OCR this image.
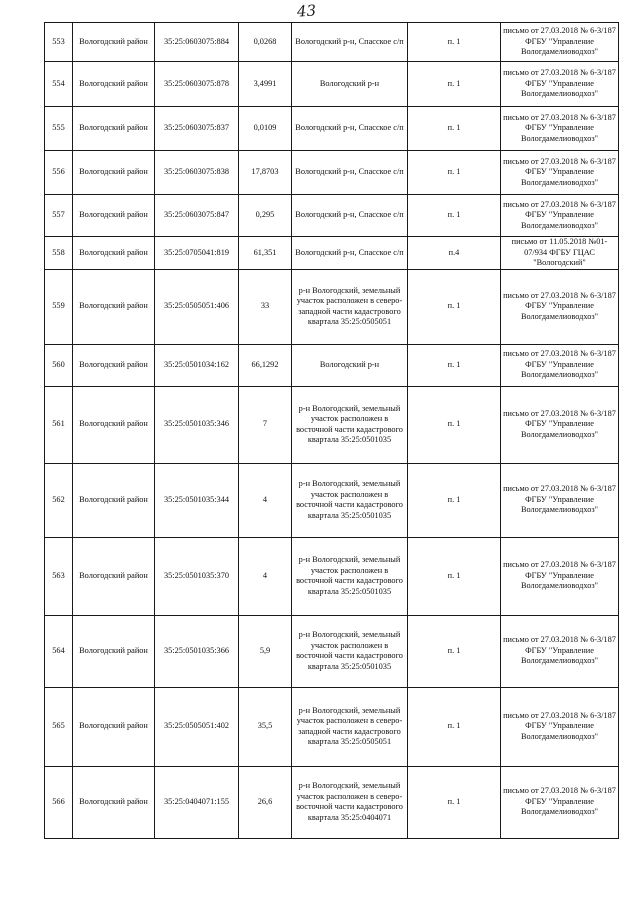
43
553	Вологодский район	35:25:0603075:884	0,0268	Вологодский р-н, Спасское с/п	п. 1	письмо от 27.03.2018 № 6-3/187 ФГБУ "Управление Вологдамелиоводхоз"
554	Вологодский район	35:25:0603075:878	3,4991	Вологодский р-н	п. 1	письмо от 27.03.2018 № 6-3/187 ФГБУ "Управление Вологдамелиоводхоз"
555	Вологодский район	35:25:0603075:837	0,0109	Вологодский р-н, Спасское с/п	п. 1	письмо от 27.03.2018 № 6-3/187 ФГБУ "Управление Вологдамелиоводхоз"
556	Вологодский район	35:25:0603075:838	17,8703	Вологодский р-н, Спасское с/п	п. 1	письмо от 27.03.2018 № 6-3/187 ФГБУ "Управление Вологдамелиоводхоз"
557	Вологодский район	35:25:0603075:847	0,295	Вологодский р-н, Спасское с/п	п. 1	письмо от 27.03.2018 № 6-3/187 ФГБУ "Управление Вологдамелиоводхоз"
558	Вологодский район	35:25:0705041:819	61,351	Вологодский р-н, Спасское с/п	п.4	письмо от 11.05.2018 №01-07/934 ФГБУ ГЦАС "Вологодский"
559	Вологодский район	35:25:0505051:406	33	р-н Вологодский, земельный участок расположен в северо-западной части кадастрового квартала 35:25:0505051	п. 1	письмо от 27.03.2018 № 6-3/187 ФГБУ "Управление Вологдамелиоводхоз"
560	Вологодский район	35:25:0501034:162	66,1292	Вологодский р-н	п. 1	письмо от 27.03.2018 № 6-3/187 ФГБУ "Управление Вологдамелиоводхоз"
561	Вологодский район	35:25:0501035:346	7	р-н Вологодский, земельный участок расположен в восточной части кадастрового квартала 35:25:0501035	п. 1	письмо от 27.03.2018 № 6-3/187 ФГБУ "Управление Вологдамелиоводхоз"
562	Вологодский район	35:25:0501035:344	4	р-н Вологодский, земельный участок расположен в восточной части кадастрового квартала 35:25:0501035	п. 1	письмо от 27.03.2018 № 6-3/187 ФГБУ "Управление Вологдамелиоводхоз"
563	Вологодский район	35:25:0501035:370	4	р-н Вологодский, земельный участок расположен в восточной части кадастрового квартала 35:25:0501035	п. 1	письмо от 27.03.2018 № 6-3/187 ФГБУ "Управление Вологдамелиоводхоз"
564	Вологодский район	35:25:0501035:366	5,9	р-н Вологодский, земельный участок расположен в восточной части кадастрового квартала 35:25:0501035	п. 1	письмо от 27.03.2018 № 6-3/187 ФГБУ "Управление Вологдамелиоводхоз"
565	Вологодский район	35:25:0505051:402	35,5	р-н Вологодский, земельный участок расположен в северо-западной части кадастрового квартала 35:25:0505051	п. 1	письмо от 27.03.2018 № 6-3/187 ФГБУ "Управление Вологдамелиоводхоз"
566	Вологодский район	35:25:0404071:155	26,6	р-н Вологодский, земельный участок расположен в северо-восточной части кадастрового квартала 35:25:0404071	п. 1	письмо от 27.03.2018 № 6-3/187 ФГБУ "Управление Вологдамелиоводхоз"
